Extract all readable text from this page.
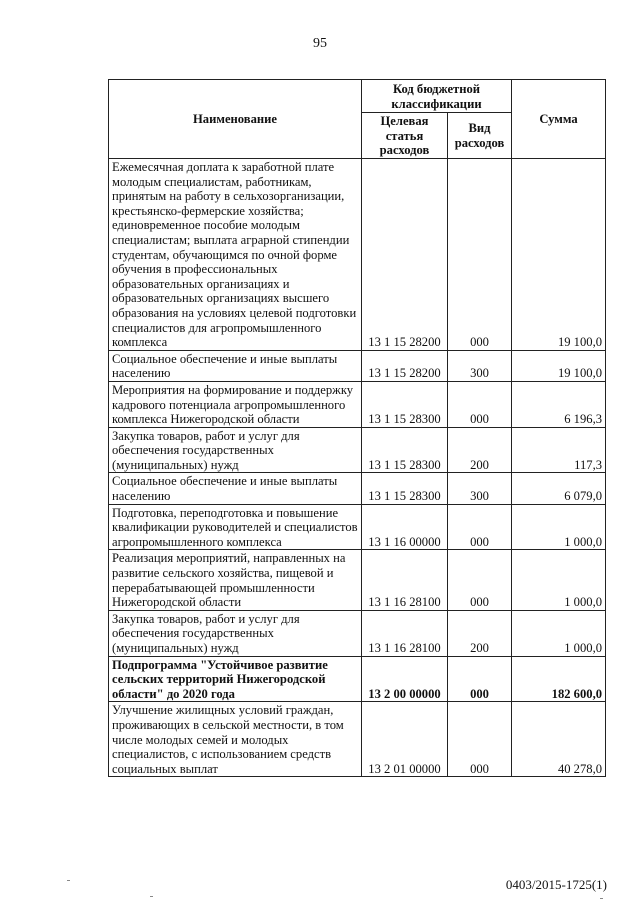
95
Наименование	Код бюджетной классификации		Сумма
	Целевая статья расходов	Вид расходов	
Ежемесячная доплата к заработной плате молодым специалистам, работникам, принятым на работу в сельхозорганизации, крестьянско-фермерские хозяйства; единовременное пособие молодым специалистам; выплата аграрной стипендии студентам, обучающимся по очной форме обучения в профессиональных образовательных организациях и образовательных организациях высшего образования на условиях целевой подготовки специалистов для агропромышленного комплекса	13 1 15 28200	000	19 100,0
Социальное обеспечение и иные выплаты населению	13 1 15 28200	300	19 100,0
Мероприятия на формирование и поддержку кадрового потенциала агропромышленного комплекса Нижегородской области	13 1 15 28300	000	6 196,3
Закупка товаров, работ и услуг для обеспечения государственных (муниципальных) нужд	13 1 15 28300	200	117,3
Социальное обеспечение и иные выплаты населению	13 1 15 28300	300	6 079,0
Подготовка, переподготовка и повышение квалификации руководителей и специалистов агропромышленного комплекса	13 1 16 00000	000	1 000,0
Реализация мероприятий, направленных на развитие сельского хозяйства, пищевой и перерабатывающей промышленности Нижегородской области	13 1 16 28100	000	1 000,0
Закупка товаров, работ и услуг для обеспечения государственных (муниципальных) нужд	13 1 16 28100	200	1 000,0
Подпрограмма "Устойчивое развитие сельских территорий Нижегородской области" до 2020 года	13 2 00 00000	000	182 600,0
Улучшение жилищных условий граждан, проживающих в сельской местности, в том числе молодых семей и молодых специалистов, с использованием средств социальных выплат	13 2 01 00000	000	40 278,0
0403/2015-1725(1)
